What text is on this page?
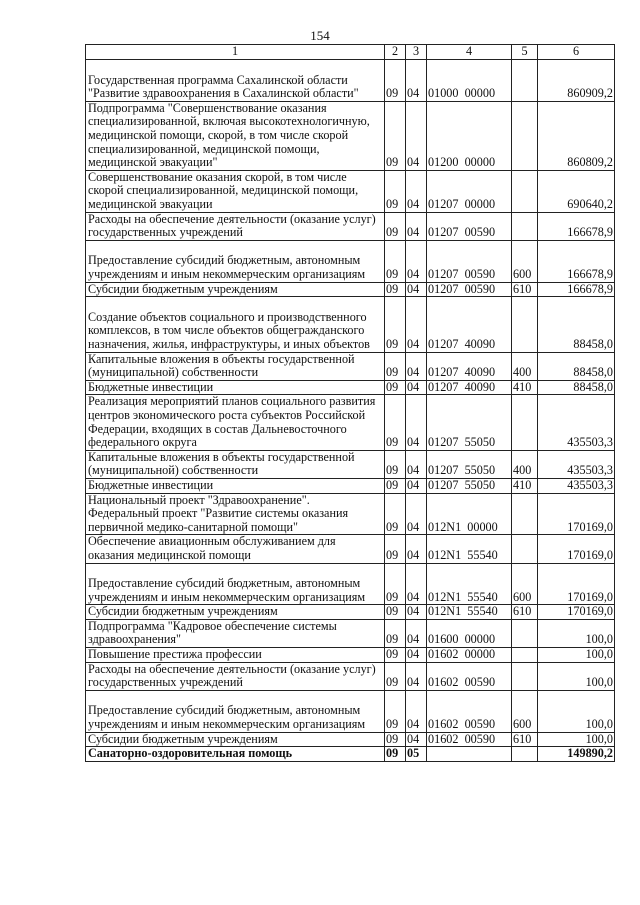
154
1	2	3	4	5	6
Государственная программа Сахалинской области "Развитие здравоохранения в Сахалинской области"	09	04	01000  00000		860909,2
Подпрограмма "Совершенствование оказания специализированной, включая высокотехнологичную, медицинской помощи, скорой, в том числе скорой специализированной, медицинской помощи, медицинской эвакуации"	09	04	01200  00000		860809,2
Совершенствование оказания скорой, в том числе скорой специализированной, медицинской помощи, медицинской эвакуации	09	04	01207  00000		690640,2
Расходы на обеспечение деятельности (оказание услуг) государственных учреждений	09	04	01207  00590		166678,9
Предоставление субсидий бюджетным, автономным учреждениям и иным некоммерческим организациям	09	04	01207  00590	600	166678,9
Субсидии бюджетным учреждениям	09	04	01207  00590	610	166678,9
Создание объектов социального и производственного комплексов, в том числе объектов общегражданского назначения, жилья, инфраструктуры, и иных объектов	09	04	01207  40090		88458,0
Капитальные вложения в объекты государственной (муниципальной) собственности	09	04	01207  40090	400	88458,0
Бюджетные инвестиции	09	04	01207  40090	410	88458,0
Реализация мероприятий планов социального развития центров экономического роста субъектов Российской Федерации, входящих в состав Дальневосточного федерального округа	09	04	01207  55050		435503,3
Капитальные вложения в объекты государственной (муниципальной) собственности	09	04	01207  55050	400	435503,3
Бюджетные инвестиции	09	04	01207  55050	410	435503,3
Национальный проект "Здравоохранение". Федеральный проект "Развитие системы оказания первичной медико-санитарной помощи"	09	04	012N1  00000		170169,0
Обеспечение авиационным обслуживанием для оказания медицинской помощи	09	04	012N1  55540		170169,0
Предоставление субсидий бюджетным, автономным учреждениям и иным некоммерческим организациям	09	04	012N1  55540	600	170169,0
Субсидии бюджетным учреждениям	09	04	012N1  55540	610	170169,0
Подпрограмма "Кадровое обеспечение системы здравоохранения"	09	04	01600  00000		100,0
Повышение престижа профессии	09	04	01602  00000		100,0
Расходы на обеспечение деятельности (оказание услуг) государственных учреждений	09	04	01602  00590		100,0
Предоставление субсидий бюджетным, автономным учреждениям и иным некоммерческим организациям	09	04	01602  00590	600	100,0
Субсидии бюджетным учреждениям	09	04	01602  00590	610	100,0
Санаторно-оздоровительная помощь	09	05			149890,2
